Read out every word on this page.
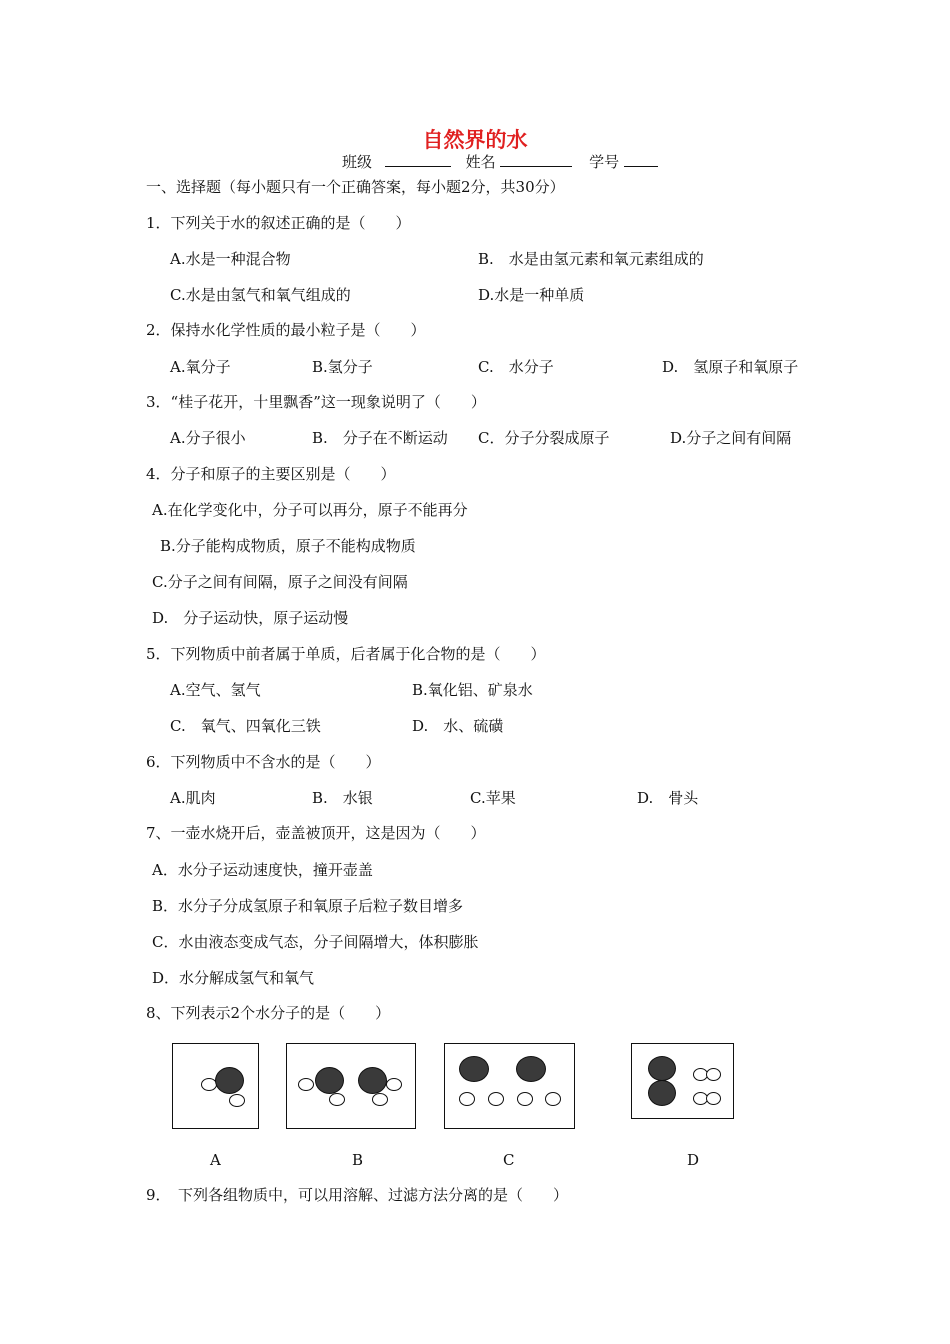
自然界的水
班级	姓名	学号
一、选择题（每小题只有一个正确答案，每小题2分，共30分）
1．下列关于水的叙述正确的是（　　）
A.水是一种混合物	B.　水是由氢元素和氧元素组成的
C.水是由氢气和氧气组成的	D.水是一种单质
2．保持水化学性质的最小粒子是（　　）
A.氧分子	B.氢分子	C.　水分子	D.　氢原子和氧原子
3．“桂子花开，十里飘香”这一现象说明了（　　）
A.分子很小	B.　分子在不断运动 C．分子分裂成原子	D.分子之间有间隔
4．分子和原子的主要区别是（　　）
A.在化学变化中，分子可以再分，原子不能再分
B.分子能构成物质，原子不能构成物质
C.分子之间有间隔，原子之间没有间隔
D.　分子运动快，原子运动慢
5．下列物质中前者属于单质，后者属于化合物的是（　　）
A.空气、氢气	B.氧化铝、矿泉水
C.　氧气、四氧化三铁	D.　水、硫磺
6．下列物质中不含水的是（　　）
A.肌肉	B.　水银	C.苹果	D.　骨头
7、一壶水烧开后，壶盖被顶开，这是因为（　　）
A．水分子运动速度快，撞开壶盖
B．水分子分成氢原子和氧原子后粒子数目增多
C．水由液态变成气态，分子间隔增大，体积膨胀
D．水分解成氢气和氧气
8、下列表示2个水分子的是（　　）
A	B	C	D
9．　下列各组物质中，可以用溶解、过滤方法分离的是（　　）
